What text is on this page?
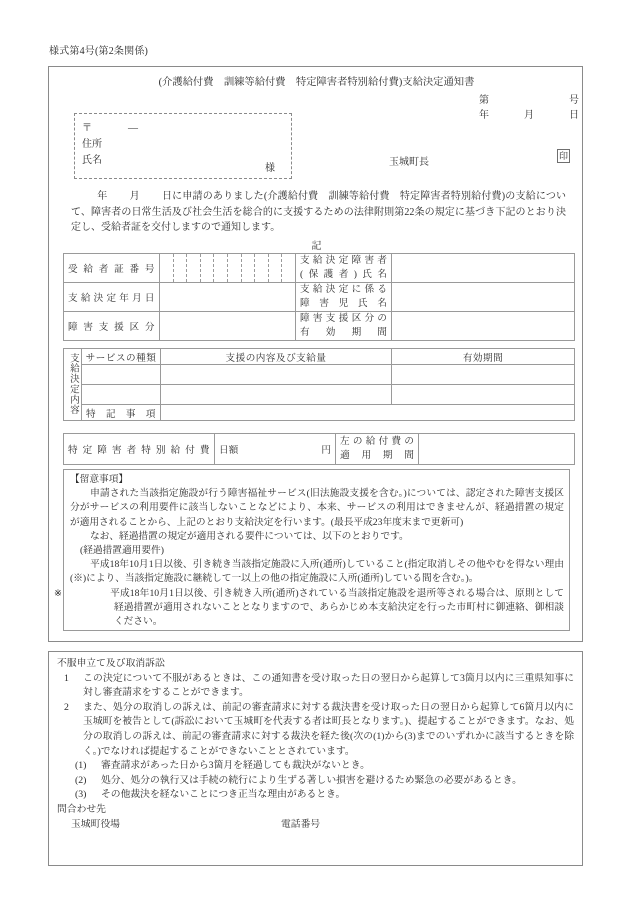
様式第4号(第2条関係)
(介護給付費　訓練等給付費　特定障害者特別給付費)支給決定通知書
第	号
年	月	日
〒	—
住所
氏名
様
玉城町長
印
年 月 日に申請のありました(介護給付費　訓練等給付費　特定障害者特別給付費)の支給について、障害者の日常生活及び社会生活を総合的に支援するための法律附則第22条の規定に基づき下記のとおり決定し、受給者証を交付しますので通知します。
記
受給者証番号		支給決定障害者
(保護者)氏名	

支給決定年月日		支給決定に係る
障害児氏名	

障害支援区分		障害支援区分の
有効期間	

支給決定内容	サービスの種類	支援の内容及び支給量	有効期間

	特記事項		

特定障害者特別給付費	日額	円

左の給付費の
適用期間

【留意事項】

申請された当該指定施設が行う障害福祉サービス(旧法施設支援を含む。)については、認定された障害支援区分がサービスの利用要件に該当しないことなどにより、本来、サービスの利用はできませんが、経過措置の規定が適用されることから、上記のとおり支給決定を行います。(最長平成23年度末まで更新可)

なお、経過措置の規定が適用される要件については、以下のとおりです。

(経過措置適用要件)

平成18年10月1日以後、引き続き当該指定施設に入所(通所)していること(指定取消しその他やむを得ない理由(※)により、当該指定施設に継続して一以上の他の指定施設に入所(通所)している間を含む。)。

※	平成18年10月1日以後、引き続き入所(通所)されている当該指定施設を退所等される場合は、原則として経過措置が適用されないこととなりますので、あらかじめ本支給決定を行った市町村に御連絡、御相談ください。

不服申立て及び取消訴訟

1 この決定について不服があるときは、この通知書を受け取った日の翌日から起算して3箇月以内に三重県知事に対し審査請求をすることができます。

2 また、処分の取消しの訴えは、前記の審査請求に対する裁決書を受け取った日の翌日から起算して6箇月以内に玉城町を被告として(訴訟において玉城町を代表する者は町長となります。)、提起することができます。なお、処分の取消しの訴えは、前記の審査請求に対する裁決を経た後(次の(1)から(3)までのいずれかに該当するときを除く。)でなければ提起することができないこととされています。

(1) 審査請求があった日から3箇月を経過しても裁決がないとき。

(2) 処分、処分の執行又は手続の続行により生ずる著しい損害を避けるため緊急の必要があるとき。

(3) その他裁決を経ないことにつき正当な理由があるとき。

問合わせ先

玉城町役場	電話番号
